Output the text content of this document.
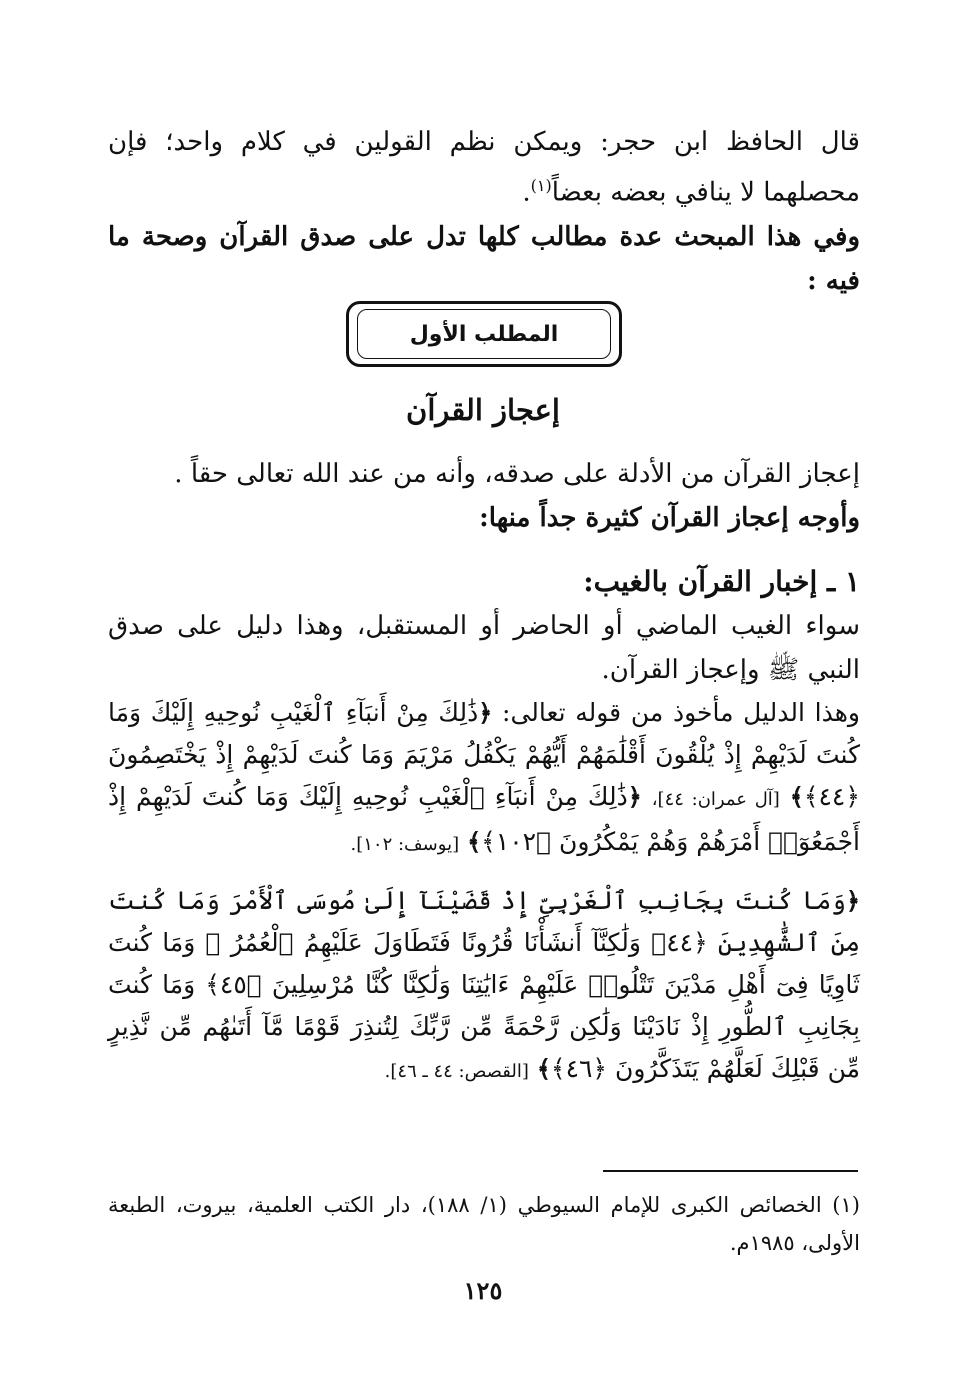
قال الحافظ ابن حجر: ويمكن نظم القولين في كلام واحد؛ فإن محصلهما لا ينافي بعضه بعضاً$^{(١)}$.

وفي هذا المبحث عدة مطالب كلها تدل على صدق القرآن وصحة ما فيه :

المطلب الأول
إعجاز القرآن

إعجاز القرآن من الأدلة على صدقه، وأنه من عند الله تعالى حقاً .

وأوجه إعجاز القرآن كثيرة جداً منها:

١ ـ إخبار القرآن بالغيب:

سواء الغيب الماضي أو الحاضر أو المستقبل، وهذا دليل على صدق النبي ﷺ وإعجاز القرآن.

وهذا الدليل مأخوذ من قوله تعالى: ﴿ذَٰلِكَ مِنْ أَنبَآءِ ٱلْغَيْبِ نُوحِيهِ إِلَيْكَ وَمَا كُنتَ لَدَيْهِمْ إِذْ يُلْقُونَ أَقْلَٰمَهُمْ أَيُّهُمْ يَكْفُلُ مَرْيَمَ وَمَا كُنتَ لَدَيْهِمْ إِذْ يَخْتَصِمُونَ ﴿٤٤﴾﴾ [آل عمران: ٤٤]، ﴿ذَٰلِكَ مِنْ أَنبَآءِ ٱلْغَيْبِ نُوحِيهِ إِلَيْكَ وَمَا كُنتَ لَدَيْهِمْ إِذْ أَجْمَعُوٓا۟ أَمْرَهُمْ وَهُمْ يَمْكُرُونَ ﴿١٠٢﴾﴾ [يوسف: ١٠٢].

﴿وَمَا كُنتَ بِجَانِبِ ٱلْغَرْبِىِّ إِذْ قَضَيْنَآ إِلَىٰ مُوسَى ٱلْأَمْرَ وَمَا كُنتَ مِنَ ٱلشَّٰهِدِينَ ﴿٤٤﴾ وَلَٰكِنَّآ أَنشَأْنَا قُرُونًا فَتَطَاوَلَ عَلَيْهِمُ ٱلْعُمُرُ ۚ وَمَا كُنتَ ثَاوِيًا فِىٓ أَهْلِ مَدْيَنَ تَتْلُوا۟ عَلَيْهِمْ ءَايَٰتِنَا وَلَٰكِنَّا كُنَّا مُرْسِلِينَ ﴿٤٥﴾ وَمَا كُنتَ بِجَانِبِ ٱلطُّورِ إِذْ نَادَيْنَا وَلَٰكِن رَّحْمَةً مِّن رَّبِّكَ لِتُنذِرَ قَوْمًا مَّآ أَتَىٰهُم مِّن نَّذِيرٍ مِّن قَبْلِكَ لَعَلَّهُمْ يَتَذَكَّرُونَ ﴿٤٦﴾﴾ [القصص: ٤٤ ـ ٤٦].

(١) الخصائص الكبرى للإمام السيوطي (١/ ١٨٨)، دار الكتب العلمية، بيروت، الطبعة الأولى، ١٩٨٥م.

١٢٥
